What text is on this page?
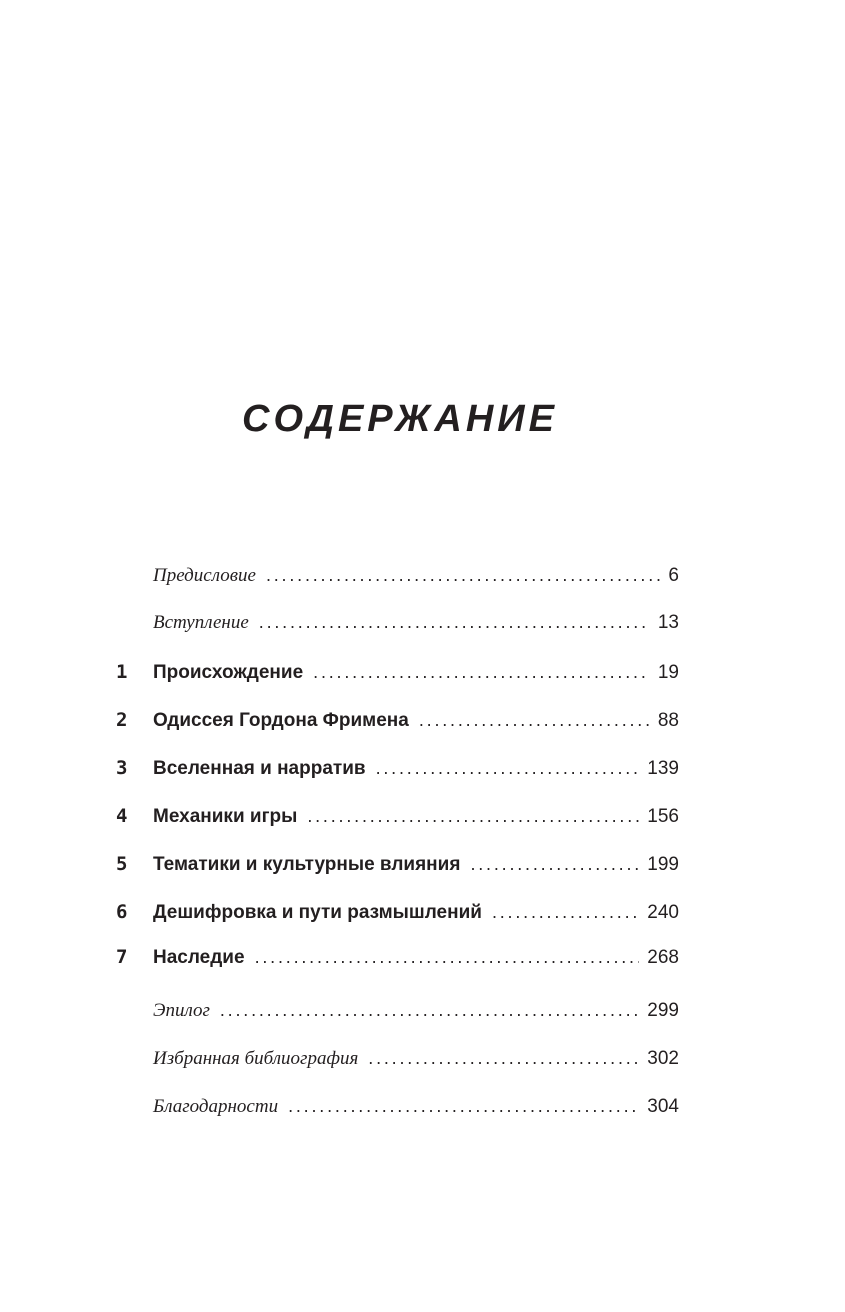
СОДЕРЖАНИЕ
Предисловие . . .	6
Вступление . . .	13
1 Происхождение . . .	19
2 Одиссея Гордона Фримена . . .	88
3 Вселенная и нарратив . . .	139
4 Механики игры . . .	156
5 Тематики и культурные влияния . . .	199
6 Дешифровка и пути размышлений . . .	240
7 Наследие . . .	268
Эпилог . . .	299
Избранная библиография . . .	302
Благодарности . . .	304
